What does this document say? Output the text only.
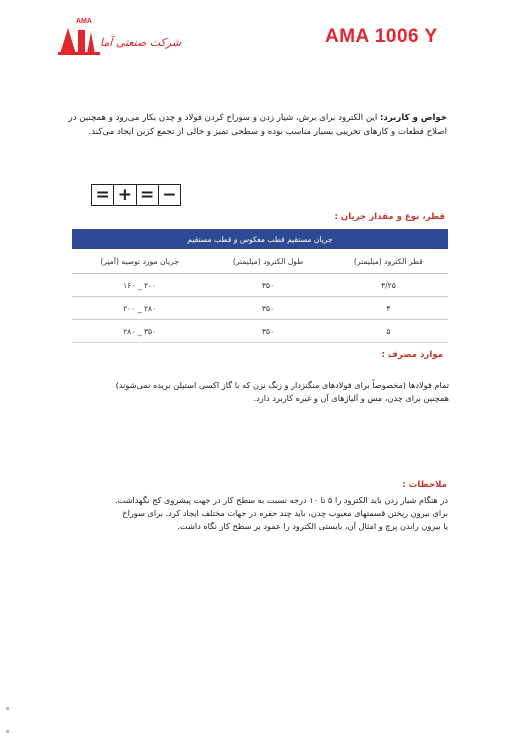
AMA
شرکت صنعتی آما	AMA 1006 Y
خواص و کاربرد: این الکترود برای برش، شیار زدن و سوراخ کردن فولاد و چدن بکار می‌رود و همچنین در اصلاح قطعات و کارهای تخریبی بسیار مناسب بوده و سطحی تمیز و خالی از تجمع کربن ایجاد می‌کند.
= + = −
قطر، نوع و مقدار جریان :
جریان مستقیم قطب معکوس و قطب مستقیم		
جریان مورد توصیه (آمپر)	طول الکترود (میلیمتر)	قطر الکترود (میلیمتر)
۱۶۰ _ ۲۰۰	۳۵۰	۳/۲۵
۲۰۰ _ ۲۸۰	۳۵۰	۴
۲۸۰ _ ۳۵۰	۳۵۰	۵
موارد مصرف :
تمام فولادها (مخصوصاً برای فولادهای منگنزدار و زنگ نزن که با گاز اکسی استیلن بریده نمی‌شوند)
همچنین برای چدن، مس و آلیاژهای آن و غیره کاربرد دارد.
ملاحظات :
در هنگام شیار زدن باید الکترود را ۵ تا ۱۰ درجه نسبت به سطح کار در جهت پیشروی کج نگهداشت.
برای بیرون ریختن قسمتهای معیوب چدن، باید چند حفره در جهات مختلف ایجاد کرد. برای سوراخ
یا بیرون راندن پرچ و امثال آن، بایستی الکترود را عمود بر سطح کار نگاه داشت.
